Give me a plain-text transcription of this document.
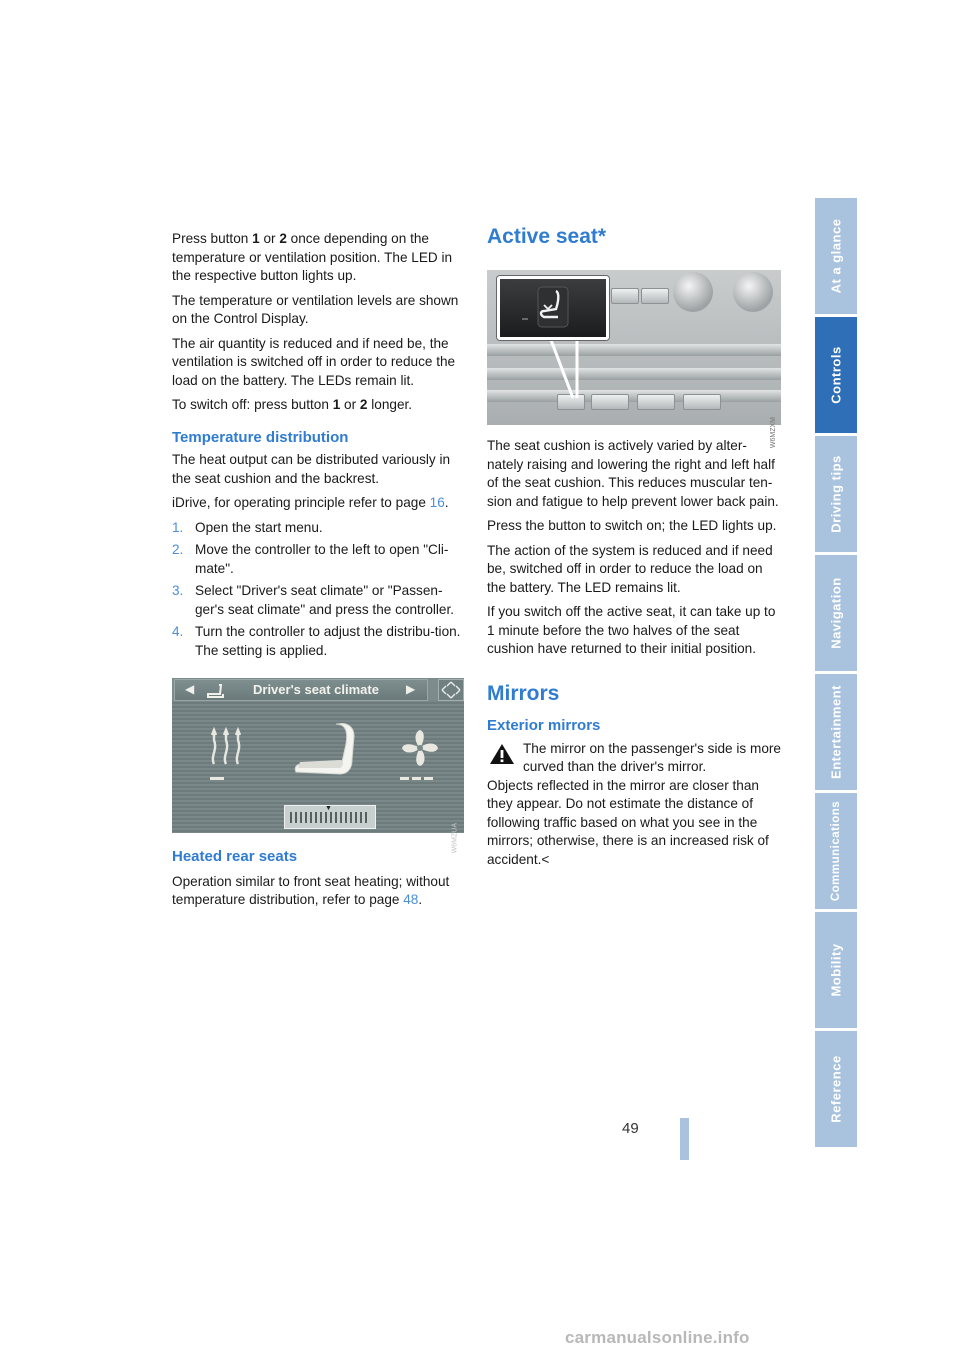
Press button 1 or 2 once depending on the temperature or ventilation position. The LED in the respective button lights up.

The temperature or ventilation levels are shown on the Control Display.

The air quantity is reduced and if need be, the ventilation is switched off in order to reduce the load on the battery. The LEDs remain lit.

To switch off: press button 1 or 2 longer.

Temperature distribution

The heat output can be distributed variously in the seat cushion and the backrest.

iDrive, for operating principle refer to page 16.

1. Open the start menu.
2. Move the controller to the left to open "Cli-mate".
3. Select "Driver's seat climate" or "Passen-ger's seat climate" and press the controller.
4. Turn the controller to adjust the distribu-tion.
The setting is applied.
◀	Driver's seat climate ▶
▼
W6MZUA
Heated rear seats

Operation similar to front seat heating; without temperature distribution, refer to page 48.

Active seat*
W6MZXM

The seat cushion is actively varied by alter-nately raising and lowering the right and left half of the seat cushion. This reduces muscular ten-sion and fatigue to help prevent lower back pain.

Press the button to switch on; the LED lights up.

The action of the system is reduced and if need be, switched off in order to reduce the load on the battery. The LED remains lit.

If you switch off the active seat, it can take up to 1 minute before the two halves of the seat cushion have returned to their initial position.

Mirrors
Exterior mirrors

The mirror on the passenger's side is more curved than the driver's mirror.

Objects reflected in the mirror are closer than they appear. Do not estimate the distance of following traffic based on what you see in the mirrors; otherwise, there is an increased risk of accident.<

At a glance
Controls
Driving tips
Navigation
Entertainment
Communications
Mobility
Reference
49
carmanualsonline.info
